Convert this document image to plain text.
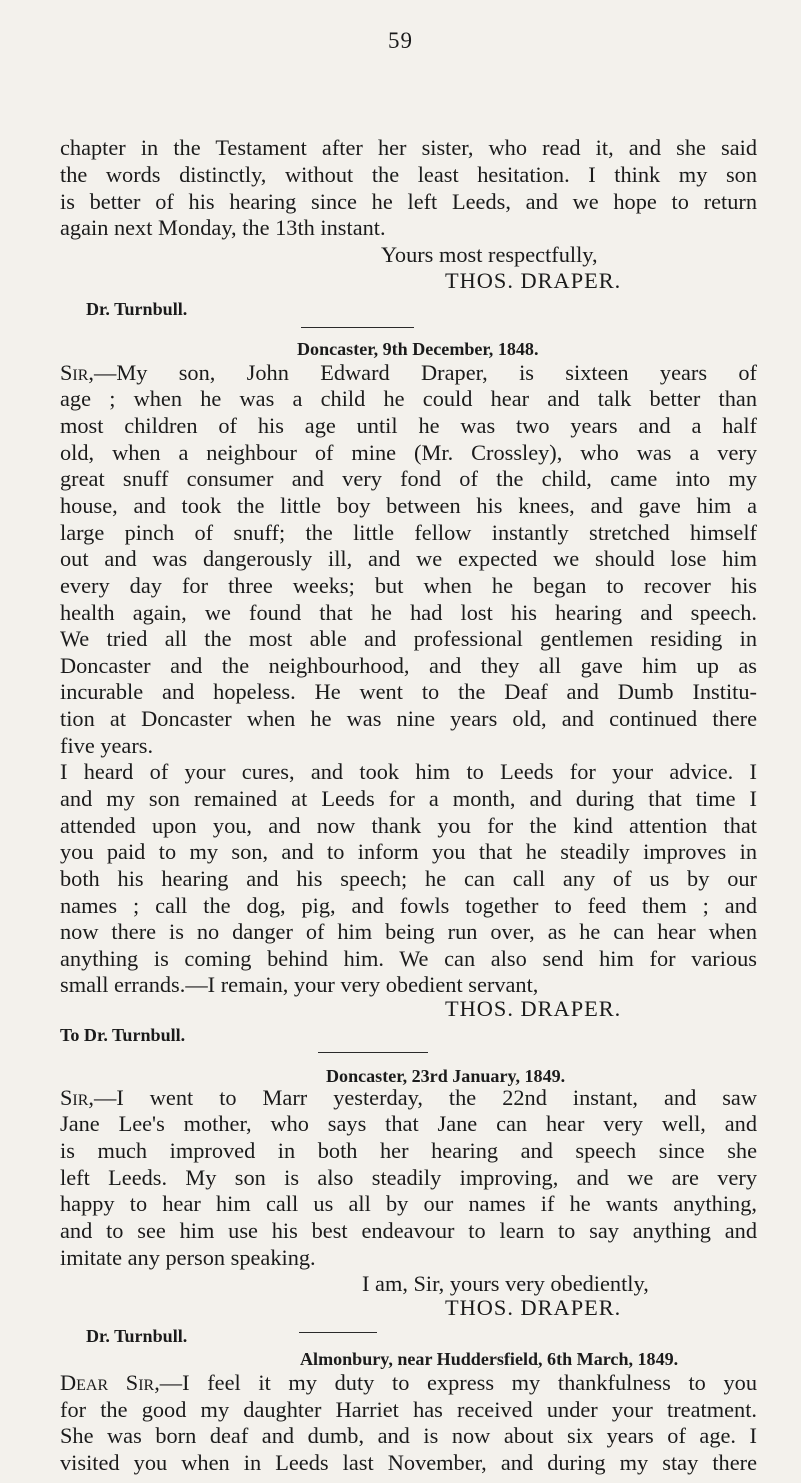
59
chapter in the Testament after her sister, who read it, and she said
the words distinctly, without the least hesitation. I think my son
is better of his hearing since he left Leeds, and we hope to return
again next Monday, the 13th instant.
Yours most respectfully,
THOS. DRAPER.
Dr. Turnbull.
Doncaster, 9th December, 1848.
Sir,—My son, John Edward Draper, is sixteen years of
age ; when he was a child he could hear and talk better than
most children of his age until he was two years and a half
old, when a neighbour of mine (Mr. Crossley), who was a very
great snuff consumer and very fond of the child, came into my
house, and took the little boy between his knees, and gave him a
large pinch of snuff; the little fellow instantly stretched himself
out and was dangerously ill, and we expected we should lose him
every day for three weeks; but when he began to recover his
health again, we found that he had lost his hearing and speech.
We tried all the most able and professional gentlemen residing in
Doncaster and the neighbourhood, and they all gave him up as
incurable and hopeless. He went to the Deaf and Dumb Institu-
tion at Doncaster when he was nine years old, and continued there
five years.
I heard of your cures, and took him to Leeds for your advice. I
and my son remained at Leeds for a month, and during that time I
attended upon you, and now thank you for the kind attention that
you paid to my son, and to inform you that he steadily improves in
both his hearing and his speech; he can call any of us by our
names ; call the dog, pig, and fowls together to feed them ; and
now there is no danger of him being run over, as he can hear when
anything is coming behind him. We can also send him for various
small errands.—I remain, your very obedient servant,
THOS. DRAPER.
To Dr. Turnbull.
Doncaster, 23rd January, 1849.
Sir,—I went to Marr yesterday, the 22nd instant, and saw
Jane Lee's mother, who says that Jane can hear very well, and
is much improved in both her hearing and speech since she
left Leeds. My son is also steadily improving, and we are very
happy to hear him call us all by our names if he wants anything,
and to see him use his best endeavour to learn to say anything and
imitate any person speaking.
I am, Sir, yours very obediently,
THOS. DRAPER.
Dr. Turnbull.
Almonbury, near Huddersfield, 6th March, 1849.
Dear Sir,—I feel it my duty to express my thankfulness to you
for the good my daughter Harriet has received under your treatment.
She was born deaf and dumb, and is now about six years of age. I
visited you when in Leeds last November, and during my stay there
